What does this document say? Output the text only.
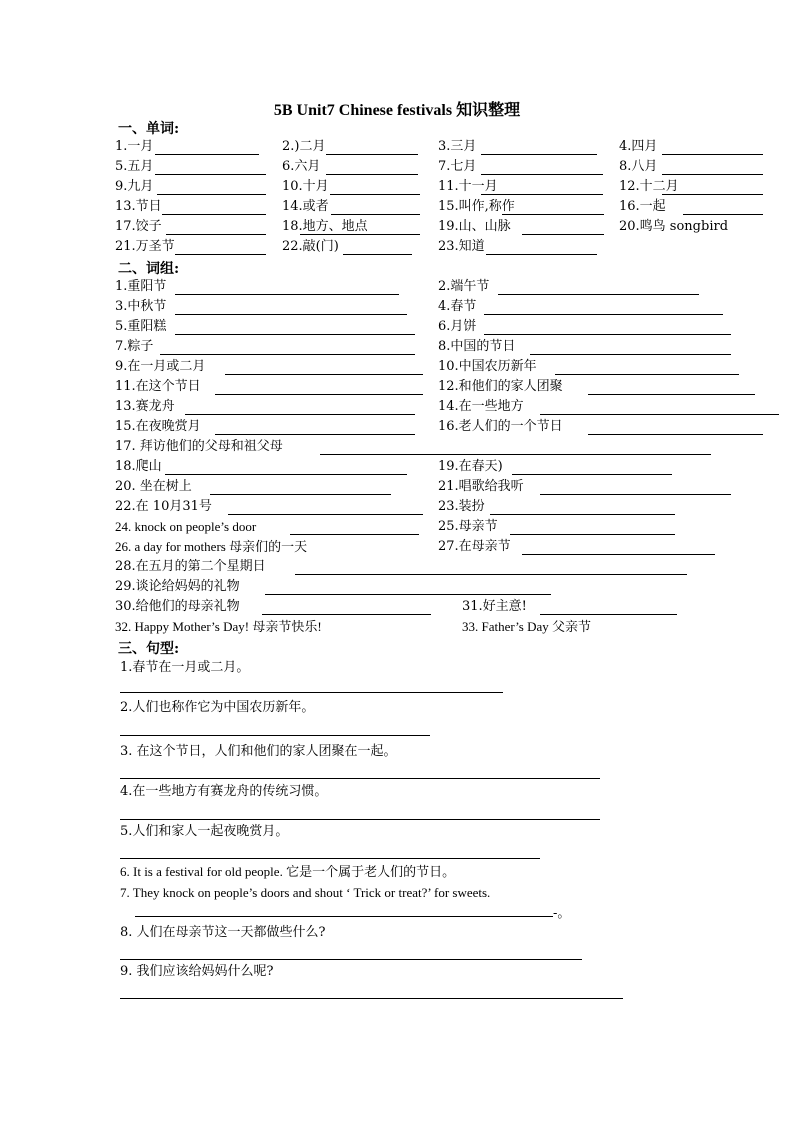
5B Unit7 Chinese festivals 知识整理
一、单词:
二、词组:
三、句型:
1.一月	2.)二月	3.三月	4.四月
5.五月	6.六月	7.七月	8.八月
9.九月	10.十月	11.十一月	12.十二月
13.节日	14.或者	15.叫作,称作	16.一起
17.饺子	18.地方、地点	19.山、山脉	20.鸣鸟 songbird
21.万圣节	22.敲(门)	23.知道
1.重阳节	2.端午节
3.中秋节	4.春节
5.重阳糕	6.月饼
7.粽子	8.中国的节日
9.在一月或二月	10.中国农历新年
11.在这个节日	12.和他们的家人团聚
13.赛龙舟	14.在一些地方
15.在夜晚赏月	16.老人们的一个节日
17. 拜访他们的父母和祖父母
18.爬山	19.在春天)
20. 坐在树上	21.唱歌给我听
22.在 10月31号	23.装扮
24. knock on people’s door	25.母亲节
26. a day for mothers 母亲们的一天	27.在母亲节
28.在五月的第二个星期日
29.谈论给妈妈的礼物
30.给他们的母亲礼物	31.好主意!
32. Happy Mother’s Day! 母亲节快乐!	33. Father’s Day 父亲节
1.春节在一月或二月。
2.人们也称作它为中国农历新年。
3. 在这个节日，人们和他们的家人团聚在一起。
4.在一些地方有赛龙舟的传统习惯。
5.人们和家人一起夜晚赏月。
6. It is a festival for old people. 它是一个属于老人们的节日。
7. They knock on people’s doors and shout ‘ Trick or treat?’ for sweets.
8. 人们在母亲节这一天都做些什么?
9. 我们应该给妈妈什么呢?
-。
